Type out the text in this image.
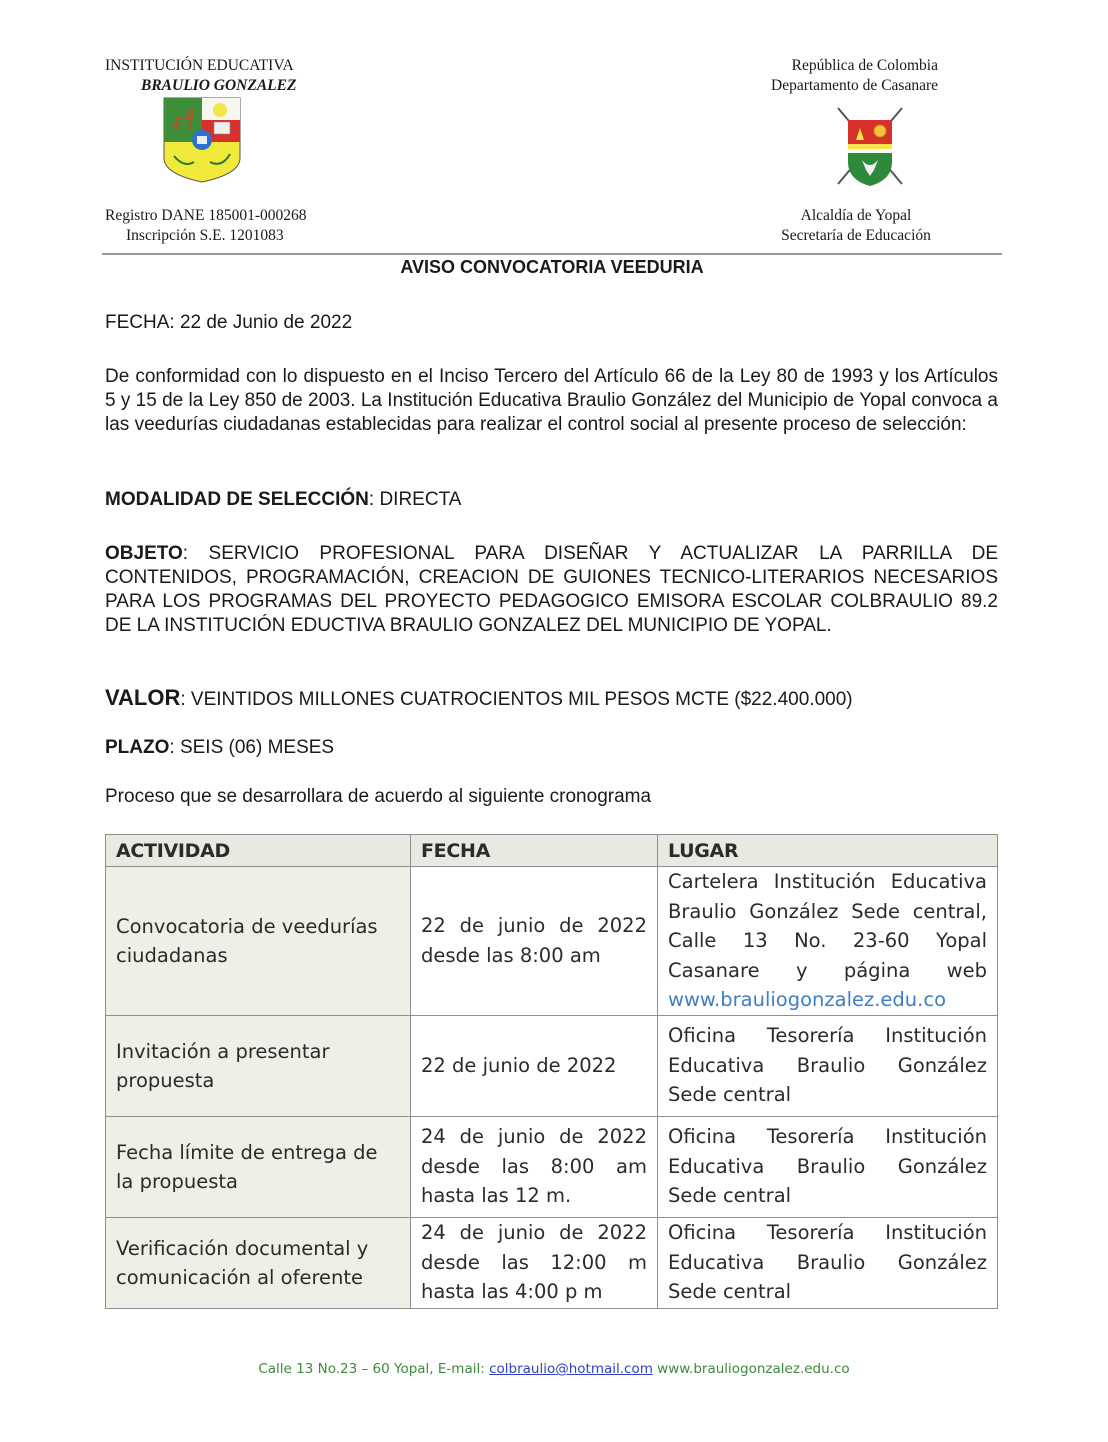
INSTITUCIÓN EDUCATIVA
BRAULIO GONZALEZ
República de Colombia
Departamento de Casanare
Registro DANE 185001-000268
Inscripción S.E. 1201083
Alcaldía de Yopal
Secretaría de Educación
AVISO CONVOCATORIA VEEDURIA
FECHA: 22 de Junio de 2022
De conformidad con lo dispuesto en el Inciso Tercero del Artículo 66 de la Ley 80 de 1993 y los Artículos 5 y 15 de la Ley 850 de 2003. La Institución Educativa Braulio González del Municipio de Yopal convoca a las veedurías ciudadanas establecidas para realizar el control social al presente proceso de selección:
MODALIDAD DE SELECCIÓN: DIRECTA
OBJETO: SERVICIO PROFESIONAL PARA DISEÑAR Y ACTUALIZAR LA PARRILLA DE CONTENIDOS, PROGRAMACIÓN, CREACION DE GUIONES TECNICO-LITERARIOS NECESARIOS PARA LOS PROGRAMAS DEL PROYECTO PEDAGOGICO EMISORA ESCOLAR COLBRAULIO 89.2 DE LA INSTITUCIÓN EDUCTIVA BRAULIO GONZALEZ DEL MUNICIPIO DE YOPAL.
VALOR: VEINTIDOS MILLONES CUATROCIENTOS MIL PESOS MCTE ($22.400.000)
PLAZO: SEIS (06) MESES
Proceso que se desarrollara de acuerdo al siguiente cronograma
ACTIVIDAD	FECHA	LUGAR
Convocatoria de veedurías ciudadanas	22 de junio de 2022 desde las 8:00 am	Cartelera Institución Educativa
Braulio González Sede central,
Calle 13 No. 23-60 Yopal
Casanare y página web
www.brauliogonzalez.edu.co

Invitación a presentar propuesta	22 de junio de 2022	Oficina Tesorería Institución
Educativa Braulio González
Sede central

Fecha límite de entrega de la propuesta	24 de junio de 2022 desde las 8:00 am hasta las 12 m.	Oficina Tesorería Institución
Educativa Braulio González
Sede central

Verificación documental y comunicación al oferente	24 de junio de 2022 desde las 12:00 m hasta las 4:00 p m	Oficina Tesorería Institución
Educativa Braulio González
Sede central
Calle 13 No.23 – 60 Yopal, E-mail: colbraulio@hotmail.com www.brauliogonzalez.edu.co
